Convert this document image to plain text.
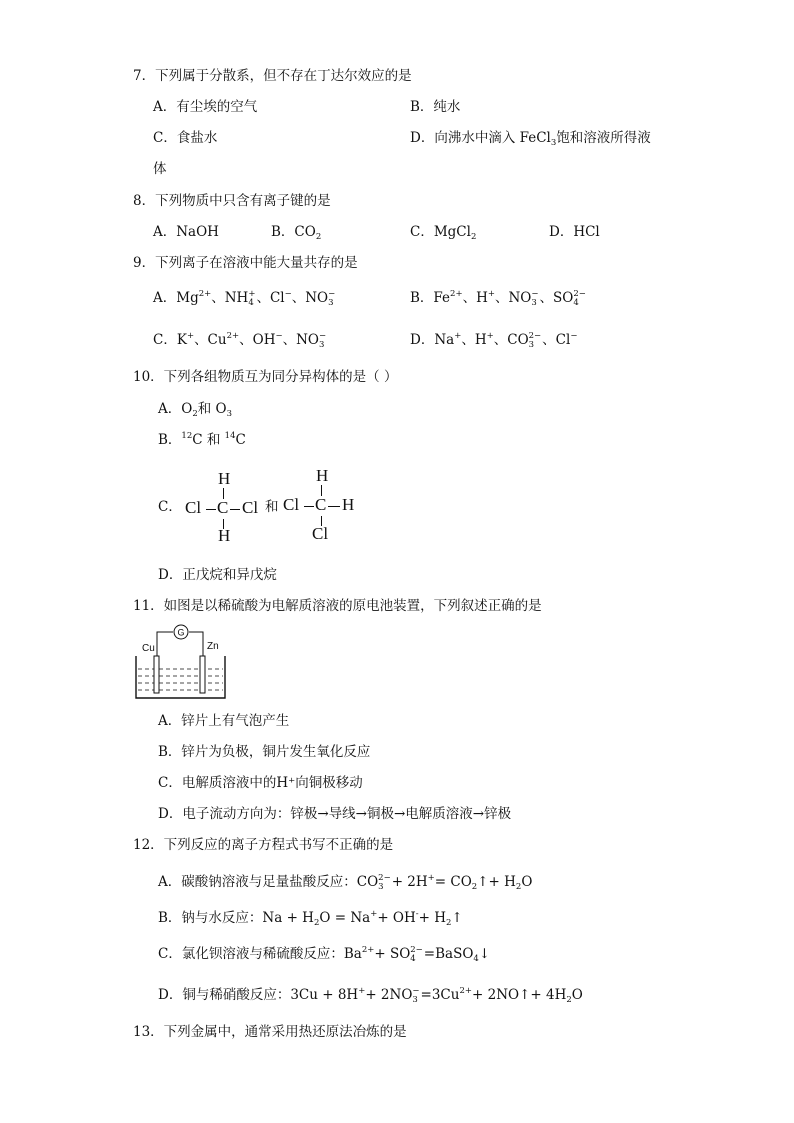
7．下列属于分散系，但不存在丁达尔效应的是
A．有尘埃的空气	B．纯水
C．食盐水	D．向沸水中滴入 FeCl$_3$饱和溶液所得液
体
8．下列物质中只含有离子键的是
A．NaOH	B．$CO_2$	C．MgCl$_2$	D．HCl
9．下列离子在溶液中能大量共存的是
A．$Mg^{2+}$、NH +
4 、Cl−、NO −
3	B．$Fe^{2+}$、H+、NO −
3 、SO 2−
4
C．K+、$Cu^{2+}$、OH−、NO −
3	D．Na+、H+、CO 2−
3 、Cl−
10．下列各组物质互为同分异构体的是（ ）
A．$O_2$和 $O_3$
B．$^{12}$C 和 $^{14}$C
C．
H
Cl C Cl
H
和
H
Cl C H
Cl
D．正戊烷和异戊烷
11．如图是以稀硫酸为电解质溶液的原电池装置，下列叙述正确的是
G
Cu	Zn
A．锌片上有气泡产生
B．锌片为负极，铜片发生氧化反应
C．电解质溶液中的H⁺向铜极移动
D．电子流动方向为：锌极→导线→铜极→电解质溶液→锌极
12．下列反应的离子方程式书写不正确的是
A．碳酸钠溶液与足量盐酸反应：CO 2−
$3 + 2H^+= CO_2↑+ H_2O$
B．钠与水反应：$Na + H_2O = Na^++ OH^-+$ $H_2↑$
C．氯化钡溶液与稀硫酸反应：$Ba^{2+}+$ SO 2−
4 =BaSO$_4$↓
D．铜与稀硝酸反应：3Cu + 8H++ 2NO −
$3 =3Cu^{2+}+$ 2NO↑+ $4H_2O$
13．下列金属中，通常采用热还原法冶炼的是
